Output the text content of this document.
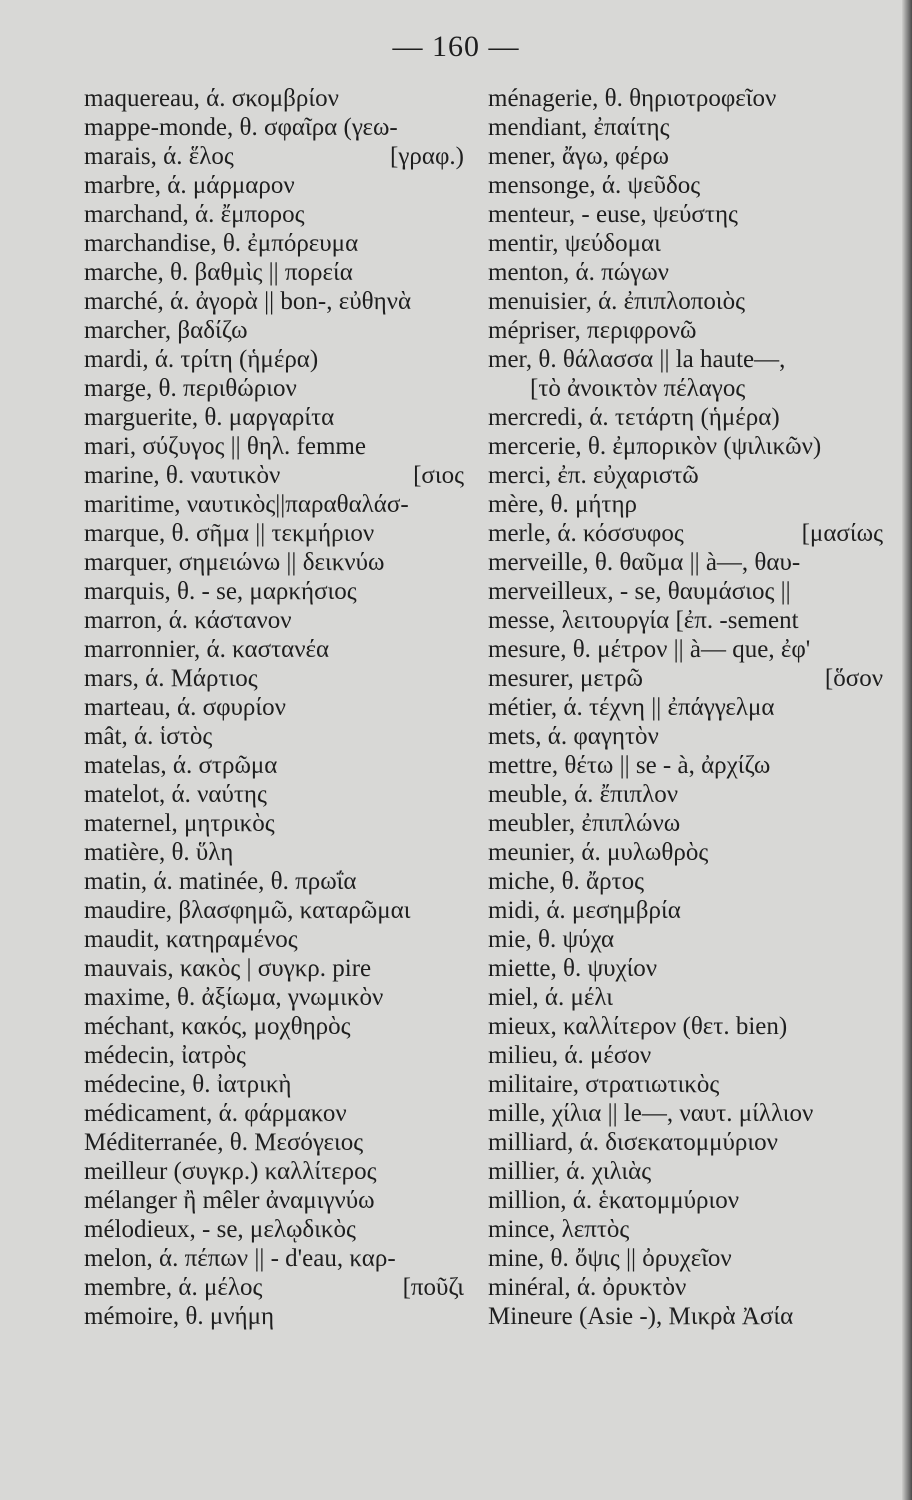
— 160 —
maquereau, ά. σκομβρίον
mappe-monde, θ. σφαῖρα (γεω-
marais, ά. ἕλος	[γραφ.)
marbre, ά. μάρμαρον
marchand, ά. ἔμπορος
marchandise, θ. ἐμπόρευμα
marche, θ. βαθμὶς || πορεία
marché, ά. ἀγορὰ || bon-, εὐθηνὰ
marcher, βαδίζω
mardi, ά. τρίτη (ἡμέρα)
marge, θ. περιθώριον
marguerite, θ. μαργαρίτα
mari, σύζυγος || θηλ. femme
marine, θ. ναυτικὸν	[σιος
maritime, ναυτικὸς||παραθαλάσ-
marque, θ. σῆμα || τεκμήριον
marquer, σημειώνω || δεικνύω
marquis, θ. - se, μαρκήσιος
marron, ά. κάστανον
marronnier, ά. καστανέα
mars, ά. Μάρτιος
marteau, ά. σφυρίον
mât, ά. ἱστὸς
matelas, ά. στρῶμα
matelot, ά. ναύτης
maternel, μητρικὸς
matière, θ. ὕλη
matin, ά. matinée, θ. πρωΐα
maudire, βλασφημῶ, καταρῶμαι
maudit, κατηραμένος
mauvais, κακὸς | συγκρ. pire
maxime, θ. ἀξίωμα, γνωμικὸν
méchant, κακός, μοχθηρὸς
médecin, ἰατρὸς
médecine, θ. ἰατρικὴ
médicament, ά. φάρμακον
Méditerranée, θ. Μεσόγειος
meilleur (συγκρ.) καλλίτερος
mélanger ἢ mêler ἀναμιγνύω
mélodieux, - se, μελῳδικὸς
melon, ά. πέπων || - d'eau, καρ-
membre, ά. μέλος	[ποῦζι
mémoire, θ. μνήμη
ménagerie, θ. θηριοτροφεῖον
mendiant, ἐπαίτης
mener, ἄγω, φέρω
mensonge, ά. ψεῦδος
menteur, - euse, ψεύστης
mentir, ψεύδομαι
menton, ά. πώγων
menuisier, ά. ἐπιπλοποιὸς
mépriser, περιφρονῶ
mer, θ. θάλασσα || la haute—,
[τὸ ἀνοικτὸν πέλαγος
mercredi, ά. τετάρτη (ἡμέρα)
mercerie, θ. ἐμπορικὸν (ψιλικῶν)
merci, ἐπ. εὐχαριστῶ
mère, θ. μήτηρ
merle, ά. κόσσυφος	[μασίως
merveille, θ. θαῦμα || à—, θαυ-
merveilleux, - se, θαυμάσιος ||
messe, λειτουργία [ἐπ. -sement
mesure, θ. μέτρον || à— que, ἐφ'
mesurer, μετρῶ	[ὅσον
métier, ά. τέχνη || ἐπάγγελμα
mets, ά. φαγητὸν
mettre, θέτω || se - à, ἀρχίζω
meuble, ά. ἔπιπλον
meubler, ἐπιπλώνω
meunier, ά. μυλωθρὸς
miche, θ. ἄρτος
midi, ά. μεσημβρία
mie, θ. ψύχα
miette, θ. ψυχίον
miel, ά. μέλι
mieux, καλλίτερον (θετ. bien)
milieu, ά. μέσον
militaire, στρατιωτικὸς
mille, χίλια || le—, ναυτ. μίλλιον
milliard, ά. δισεκατομμύριον
millier, ά. χιλιὰς
million, ά. ἑκατομμύριον
mince, λεπτὸς
mine, θ. ὄψις || ὀρυχεῖον
minéral, ά. ὀρυκτὸν
Mineure (Asie -), Μικρὰ Ἀσία
